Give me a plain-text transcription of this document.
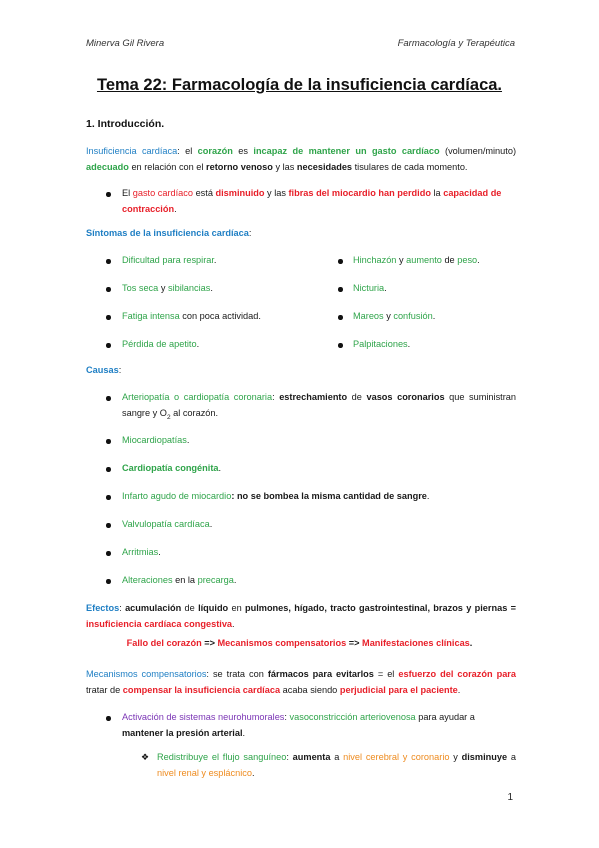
Minerva Gil Rivera	Farmacología y Terapéutica
Tema 22: Farmacología de la insuficiencia cardíaca.
1. Introducción.
Insuficiencia cardíaca: el corazón es incapaz de mantener un gasto cardíaco (volumen/minuto) adecuado en relación con el retorno venoso y las necesidades tisulares de cada momento.
El gasto cardíaco está disminuido y las fibras del miocardio han perdido la capacidad de contracción.
Síntomas de la insuficiencia cardíaca:
Dificultad para respirar.
Tos seca y sibilancias.
Fatiga intensa con poca actividad.
Pérdida de apetito.
Hinchazón y aumento de peso.
Nicturia.
Mareos y confusión.
Palpitaciones.
Causas:
Arteriopatía o cardiopatía coronaria: estrechamiento de vasos coronarios que suministran sangre y $O_2$ al corazón.
Miocardiopatías.
Cardiopatía congénita.
Infarto agudo de miocardio: no se bombea la misma cantidad de sangre.
Valvulopatía cardíaca.
Arritmias.
Alteraciones en la precarga.
Efectos: acumulación de líquido en pulmones, hígado, tracto gastrointestinal, brazos y piernas = insuficiencia cardíaca congestiva.
Fallo del corazón => Mecanismos compensatorios => Manifestaciones clínicas.
Mecanismos compensatorios: se trata con fármacos para evitarlos = el esfuerzo del corazón para tratar de compensar la insuficiencia cardíaca acaba siendo perjudicial para el paciente.
Activación de sistemas neurohumorales: vasoconstricción arteriovenosa para ayudar a mantener la presión arterial.
❖ Redistribuye el flujo sanguíneo: aumenta a nivel cerebral y coronario y disminuye a nivel renal y esplácnico.
1
